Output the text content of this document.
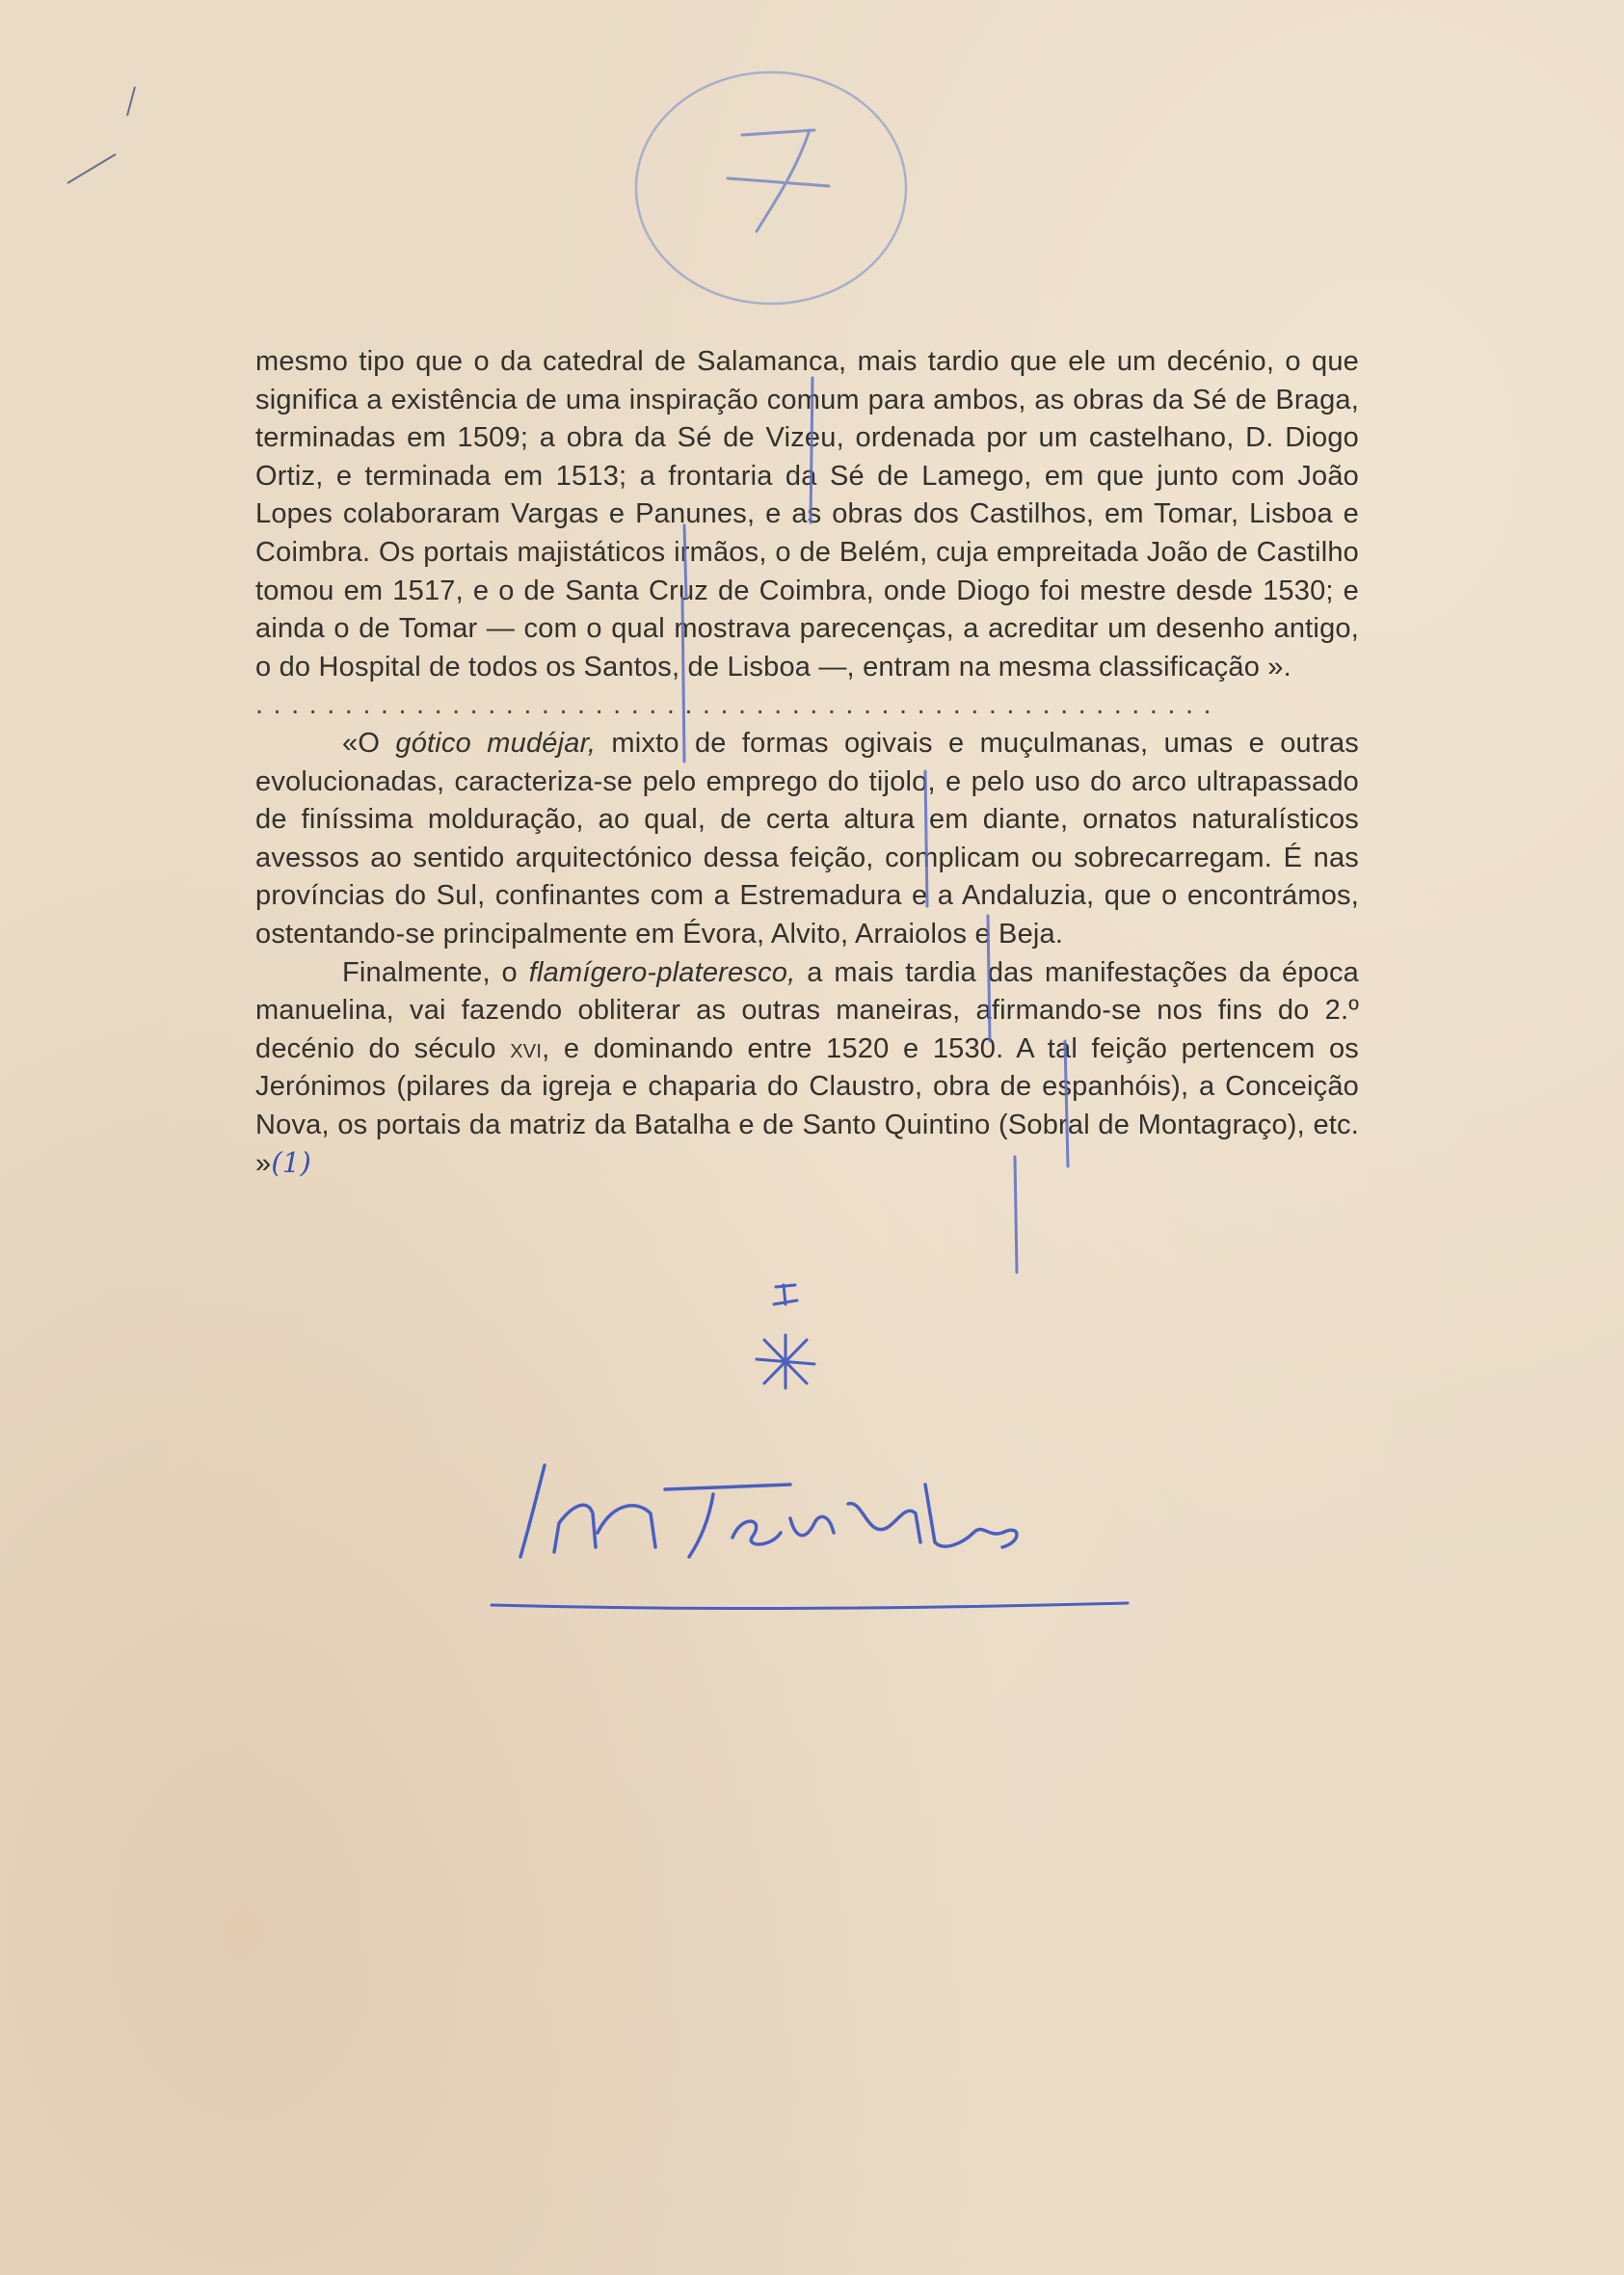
mesmo tipo que o da catedral de Salamanca, mais tardio que ele um decénio, o que significa a existência de uma inspiração comum para ambos, as obras da Sé de Braga, terminadas em 1509; a obra da Sé de Vizeu, ordenada por um castelhano, D. Diogo Ortiz, e terminada em 1513; a frontaria da Sé de Lamego, em que junto com João Lopes colaboraram Vargas e Panunes, e as obras dos Castilhos, em Tomar, Lisboa e Coimbra. Os portais majistáticos irmãos, o de Belém, cuja empreitada João de Castilho tomou em 1517, e o de Santa Cruz de Coimbra, onde Diogo foi mestre desde 1530; e ainda o de Tomar — com o qual mostrava parecenças, a acreditar um desenho antigo, o do Hospital de todos os Santos, de Lisboa —, entram na mesma classificação ».

......................................................

«O gótico mudéjar, mixto de formas ogivais e muçulmanas, umas e outras evolucionadas, caracteriza-se pelo emprego do tijolo, e pelo uso do arco ultrapassado de finíssima molduração, ao qual, de certa altura em diante, ornatos naturalísticos avessos ao sentido arquitectónico dessa feição, complicam ou sobrecarregam. É nas províncias do Sul, confinantes com a Estremadura e a Andaluzia, que o encontrámos, ostentando-se principalmente em Évora, Alvito, Arraiolos e Beja.

Finalmente, o flamígero-plateresco, a mais tardia das manifestações da época manuelina, vai fazendo obliterar as outras maneiras, afirmando-se nos fins do 2.º decénio do século xvi, e dominando entre 1520 e 1530. A tal feição pertencem os Jerónimos (pilares da igreja e chaparia do Claustro, obra de espanhóis), a Conceição Nova, os portais da matriz da Batalha e de Santo Quintino (Sobral de Montagraço), etc. »(1)
